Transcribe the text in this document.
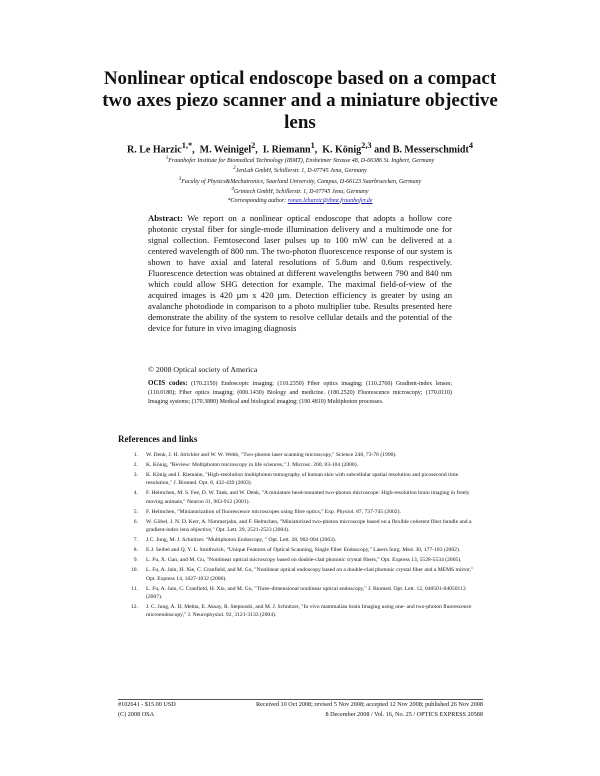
Nonlinear optical endoscope based on a compact two axes piezo scanner and a miniature objective lens
R. Le Harzic$^{1,*}$,  M. Weinigel$^2$,  I. Riemann$^1$,  K. König$^{2,3}$ and B. Messerschmidt$^4$
$^1$Fraunhofer Institute for Biomedical Technology (IBMT), Ensheimer Strasse 48, D-66386 St. Ingbert, Germany
$^2$JenLab GmbH, Schillerstr. 1, D-07745 Jena, Germany
$^3$Faculty of Physics&Mechatronics, Saarland University, Campus, D-66123 Saarbruecken, Germany
$^4$Grintech GmbH, Schillerstr. 1, D-07745 Jena, Germany
*Corresponding author: ronan.leharzic@ibmt.fraunhofer.de
Abstract: We report on a nonlinear optical endoscope that adopts a hollow core photonic crystal fiber for single-mode illumination delivery and a multimode one for signal collection. Femtosecond laser pulses up to 100 mW can be delivered at a centered wavelength of 800 nm. The two-photon fluorescence response of our system is shown to have axial and lateral resolutions of 5.8um and 0.6um respectively. Fluorescence detection was obtained at different wavelengths between 790 and 840 nm which could allow SHG detection for example. The maximal field-of-view of the acquired images is 420 µm x 420 µm. Detection efficiency is greater by using an avalanche photodiode in comparison to a photo multiplier tube. Results presented here demonstrate the ability of the system to resolve cellular details and the potential of the device for future in vivo imaging diagnosis
© 2008 Optical society of America
OCIS codes: (170.2150) Endoscopic imaging; (110.2350) Fiber optics imaging; (110.2760) Gradient-index lenses; (110.0180); Fiber optics imaging; (000.1430) Biology and medicine. (180.2520) Fluorescence microscopy; (170.0110) Imaging systems; (170.3880) Medical and biological imaging; (190.4810) Multiphoton processes.
References and links
1.	W. Denk, J. H. Strickler and W. W. Webb, "Two-photon laser scanning microscopy," Science 248, 73-76 (1990).
2.	K. König, "Review: Multiphoton microscopy in life sciences," J. Microsc. 200, 83-104 (2000).
3.	K. König and I. Riemann, "High-resolution multiphoton tomography of human skin with subcellular spatial resolution and picosecond time resolution," J. Biomed. Opt. 8, 432-439 (2003).
4.	F. Helmchen, M. S. Fee, D. W. Tank, and W. Denk, "A miniature head-mounted two-photon microscope: High-resolution brain imaging in freely moving animals," Neuron 31, 903-912 (2001).
5.	F. Helmchen, "Miniaturization of fluorescence microscopes using fibre optics," Exp. Physiol. 87, 737-745 (2002).
6.	W. Göbel, J. N. D. Kerr, A. Nimmerjahn, and F. Helmchen, "Miniaturized two-photon microscope based on a flexible coherent fiber bundle and a gradient-index lens objective," Opt. Lett. 29, 2521-2523 (2004).
7.	J.C. Jung, M. J. Schnitzer. "Multiphoton Endoscopy, " Opt. Lett. 28, 902-904 (2003).
8.	E.J. Seibel and Q. Y. L. Smithwick, "Unique Features of Optical Scanning, Single Fiber Endoscopy," Lasers Surg. Med. 30, 177-183 (2002).
9.	L. Fu, X. Gan, and M. Gu, "Nonlinear optical microscopy based on double-clad photonic crystal fibers," Opt. Express 13, 5528-5534 (2005).
10.	L. Fu, A. Jain, H. Xie, C. Cranfield, and M. Gu, "Nonlinear optical endoscopy based on a double-clad photonic crystal fiber and a MEMS mirror," Opt. Express 14, 1027-1032 (2006).
11.	L. Fu, A. Jain, C. Cranfield, H. Xie, and M. Gu, "Three-dimensional nonlinear optical endoscopy," J. Biomed. Opt. Lett. 12, 040501-04050113 (2007).
12.	J. C. Jung, A. D. Mehta, E. Aksay, R. Stepnoski, and M. J. Schnitzer, "In vivo mammalian brain Imaging using one- and two-photon fluorescence microendoscopy," J. Neurophysiol. 92, 3121-3133 (2004).
#102641 - $15.00 USD	Received 10 Oct 2008; revised 5 Nov 2008; accepted 12 Nov 2008; published 26 Nov 2008
(C) 2008 OSA	8 December 2008 / Vol. 16, No. 25 / OPTICS EXPRESS 20588
